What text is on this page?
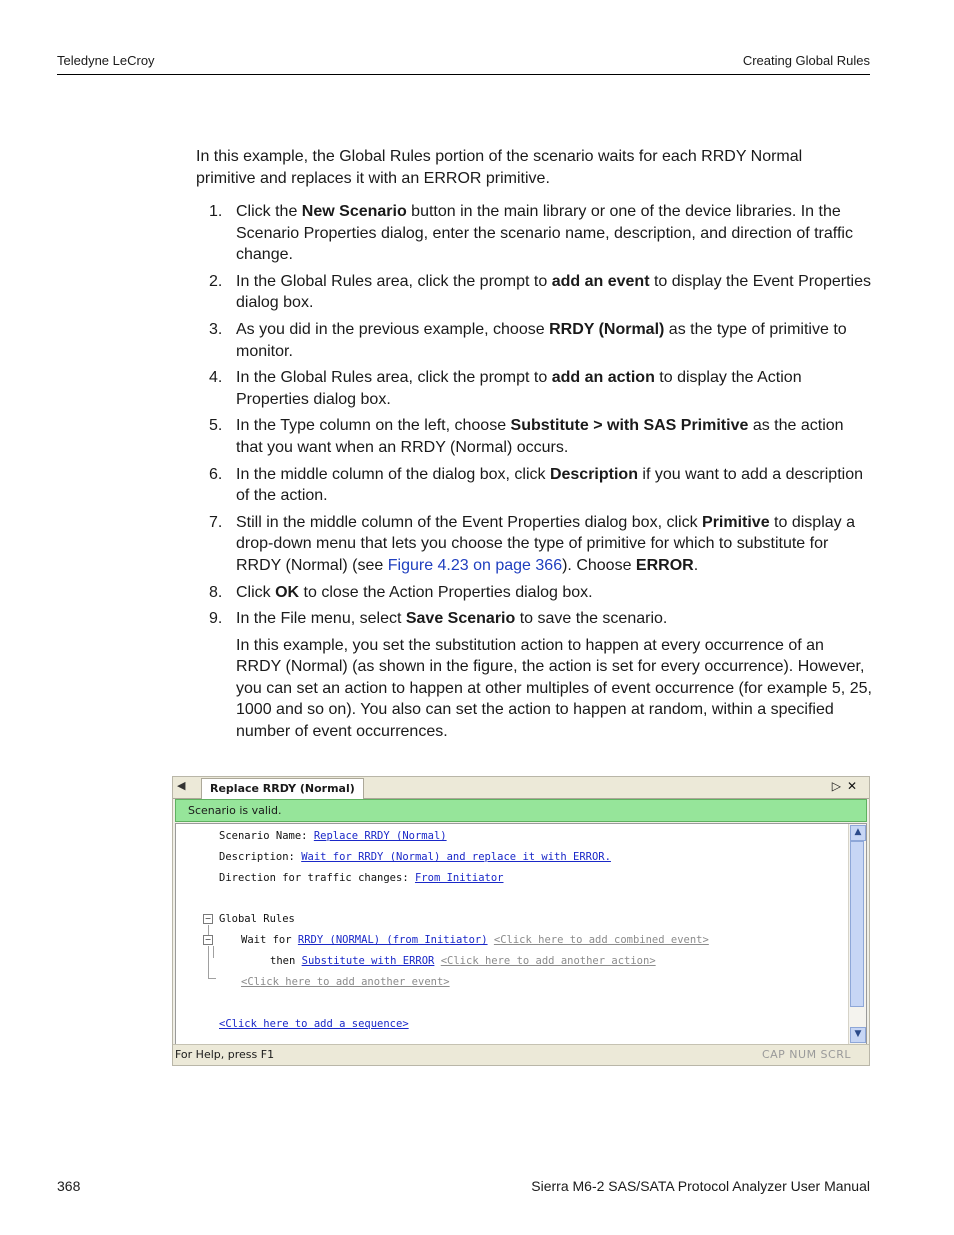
Teledyne LeCroy	Creating Global Rules
In this example, the Global Rules portion of the scenario waits for each RRDY Normal primitive and replaces it with an ERROR primitive.
1. Click the New Scenario button in the main library or one of the device libraries. In the Scenario Properties dialog, enter the scenario name, description, and direction of traffic change.
2. In the Global Rules area, click the prompt to add an event to display the Event Properties dialog box.
3. As you did in the previous example, choose RRDY (Normal) as the type of primitive to monitor.
4. In the Global Rules area, click the prompt to add an action to display the Action Properties dialog box.
5. In the Type column on the left, choose Substitute > with SAS Primitive as the action that you want when an RRDY (Normal) occurs.
6. In the middle column of the dialog box, click Description if you want to add a description of the action.
7. Still in the middle column of the Event Properties dialog box, click Primitive to display a drop-down menu that lets you choose the type of primitive for which to substitute for RRDY (Normal) (see Figure 4.23 on page 366). Choose ERROR.
8. Click OK to close the Action Properties dialog box.
9. In the File menu, select Save Scenario to save the scenario.
In this example, you set the substitution action to happen at every occurrence of an RRDY (Normal) (as shown in the figure, the action is set for every occurrence). However, you can set an action to happen at other multiples of event occurrence (for example 5, 25, 1000 and so on). You also can set the action to happen at random, within a specified number of event occurrences.
◀	Replace RRDY (Normal)	▷✕
Scenario is valid.
Scenario Name: Replace RRDY (Normal)
Description: Wait for RRDY (Normal) and replace it with ERROR.
Direction for traffic changes: From Initiator
− Global Rules
−	Wait for RRDY (NORMAL) (from Initiator) <Click here to add combined event>
then Substitute with ERROR <Click here to add another action>
<Click here to add another event>
<Click here to add a sequence>
▲
▼
For Help, press F1	CAP NUM SCRL
368	Sierra M6-2 SAS/SATA Protocol Analyzer User Manual
